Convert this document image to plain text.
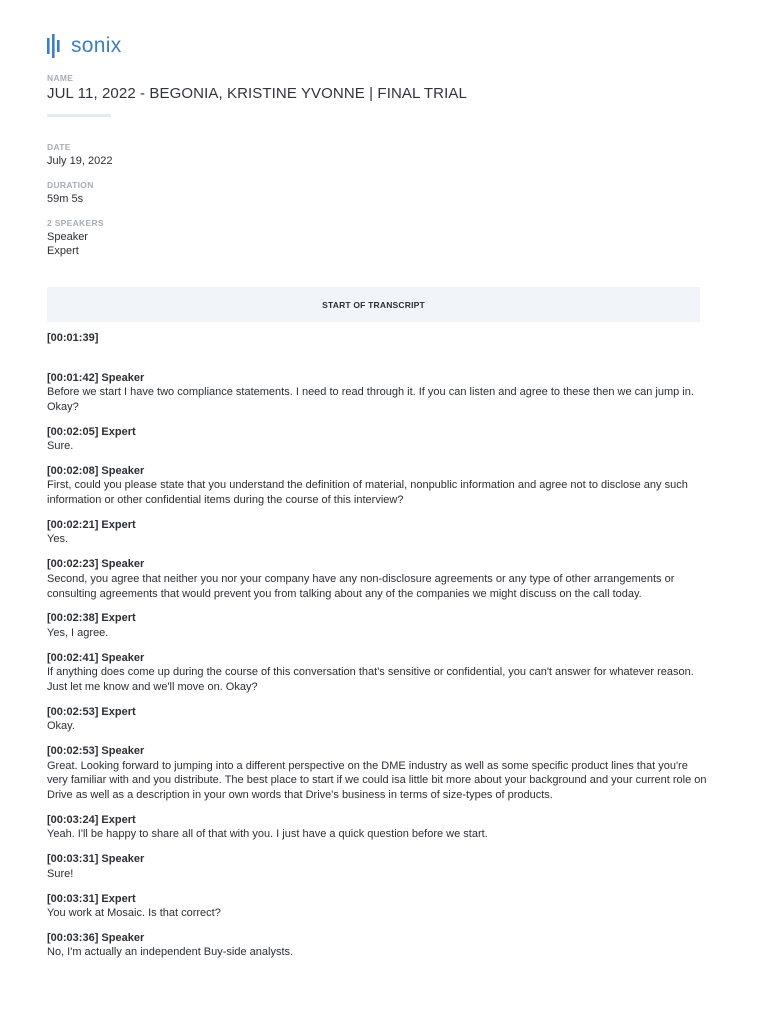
sonix
NAME
JUL 11, 2022 - BEGONIA, KRISTINE YVONNE | FINAL TRIAL
DATE
July 19, 2022
DURATION
59m 5s
2 SPEAKERS
Speaker
Expert
START OF TRANSCRIPT
[00:01:39]
[00:01:42] Speaker
Before we start I have two compliance statements. I need to read through it. If you can listen and agree to these then we can jump in. Okay?
[00:02:05] Expert
Sure.
[00:02:08] Speaker
First, could you please state that you understand the definition of material, nonpublic information and agree not to disclose any such information or other confidential items during the course of this interview?
[00:02:21] Expert
Yes.
[00:02:23] Speaker
Second, you agree that neither you nor your company have any non-disclosure agreements or any type of other arrangements or consulting agreements that would prevent you from talking about any of the companies we might discuss on the call today.
[00:02:38] Expert
Yes, I agree.
[00:02:41] Speaker
If anything does come up during the course of this conversation that's sensitive or confidential, you can't answer for whatever reason. Just let me know and we'll move on. Okay?
[00:02:53] Expert
Okay.
[00:02:53] Speaker
Great. Looking forward to jumping into a different perspective on the DME industry as well as some specific product lines that you're very familiar with and you distribute. The best place to start if we could isa little bit more about your background and your current role on Drive as well as a description in your own words that Drive's business in terms of size-types of products.
[00:03:24] Expert
Yeah. I'll be happy to share all of that with you. I just have a quick question before we start.
[00:03:31] Speaker
Sure!
[00:03:31] Expert
You work at Mosaic. Is that correct?
[00:03:36] Speaker
No, I'm actually an independent Buy-side analysts.
